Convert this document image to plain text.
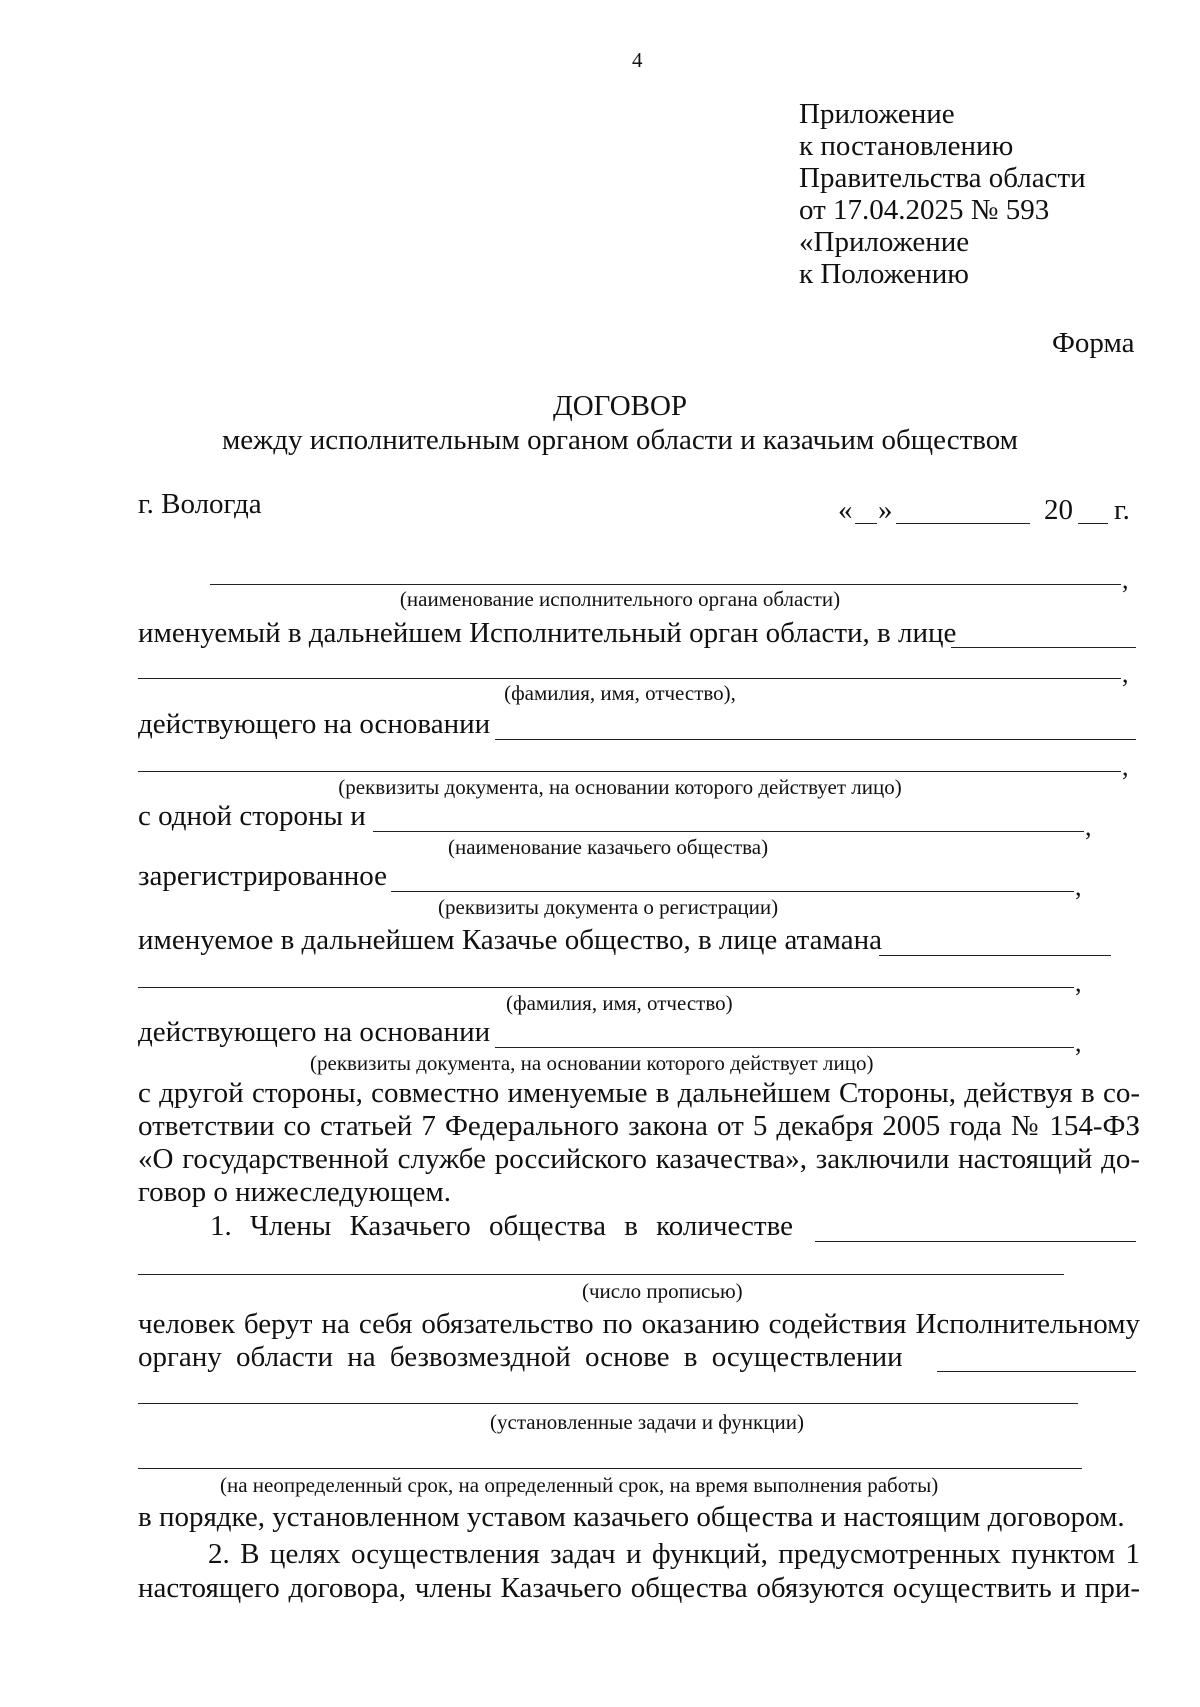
4
Приложение
к постановлению
Правительства области
от 17.04.2025 № 593
«Приложение
к Положению
Форма
ДОГОВОР
между исполнительным органом области и казачьим обществом
г. Вологда	« »	20 г.
,
(наименование исполнительного органа области)
именуемый в дальнейшем Исполнительный орган области, в лице
,
(фамилия, имя, отчество),
действующего на основании
,
(реквизиты документа, на основании которого действует лицо)
с одной стороны и	,
(наименование казачьего общества)
зарегистрированное	,
(реквизиты документа о регистрации)
именуемое в дальнейшем Казачье общество, в лице атамана
,
(фамилия, имя, отчество)
действующего на основании	,
(реквизиты документа, на основании которого действует лицо)
с другой стороны, совместно именуемые в дальнейшем Стороны, действуя в со-
ответствии со статьей 7 Федерального закона от 5 декабря 2005 года № 154-ФЗ
«О государственной службе российского казачества», заключили настоящий до-
говор о нижеследующем.
1. Члены Казачьего общества в количестве
(число прописью)
человек берут на себя обязательство по оказанию содействия Исполнительному
органу области на безвозмездной основе в осуществлении
(установленные задачи и функции)
(на неопределенный срок, на определенный срок, на время выполнения работы)
в порядке, установленном уставом казачьего общества и настоящим договором.
2. В целях осуществления задач и функций, предусмотренных пунктом 1
настоящего договора, члены Казачьего общества обязуются осуществить и при-
